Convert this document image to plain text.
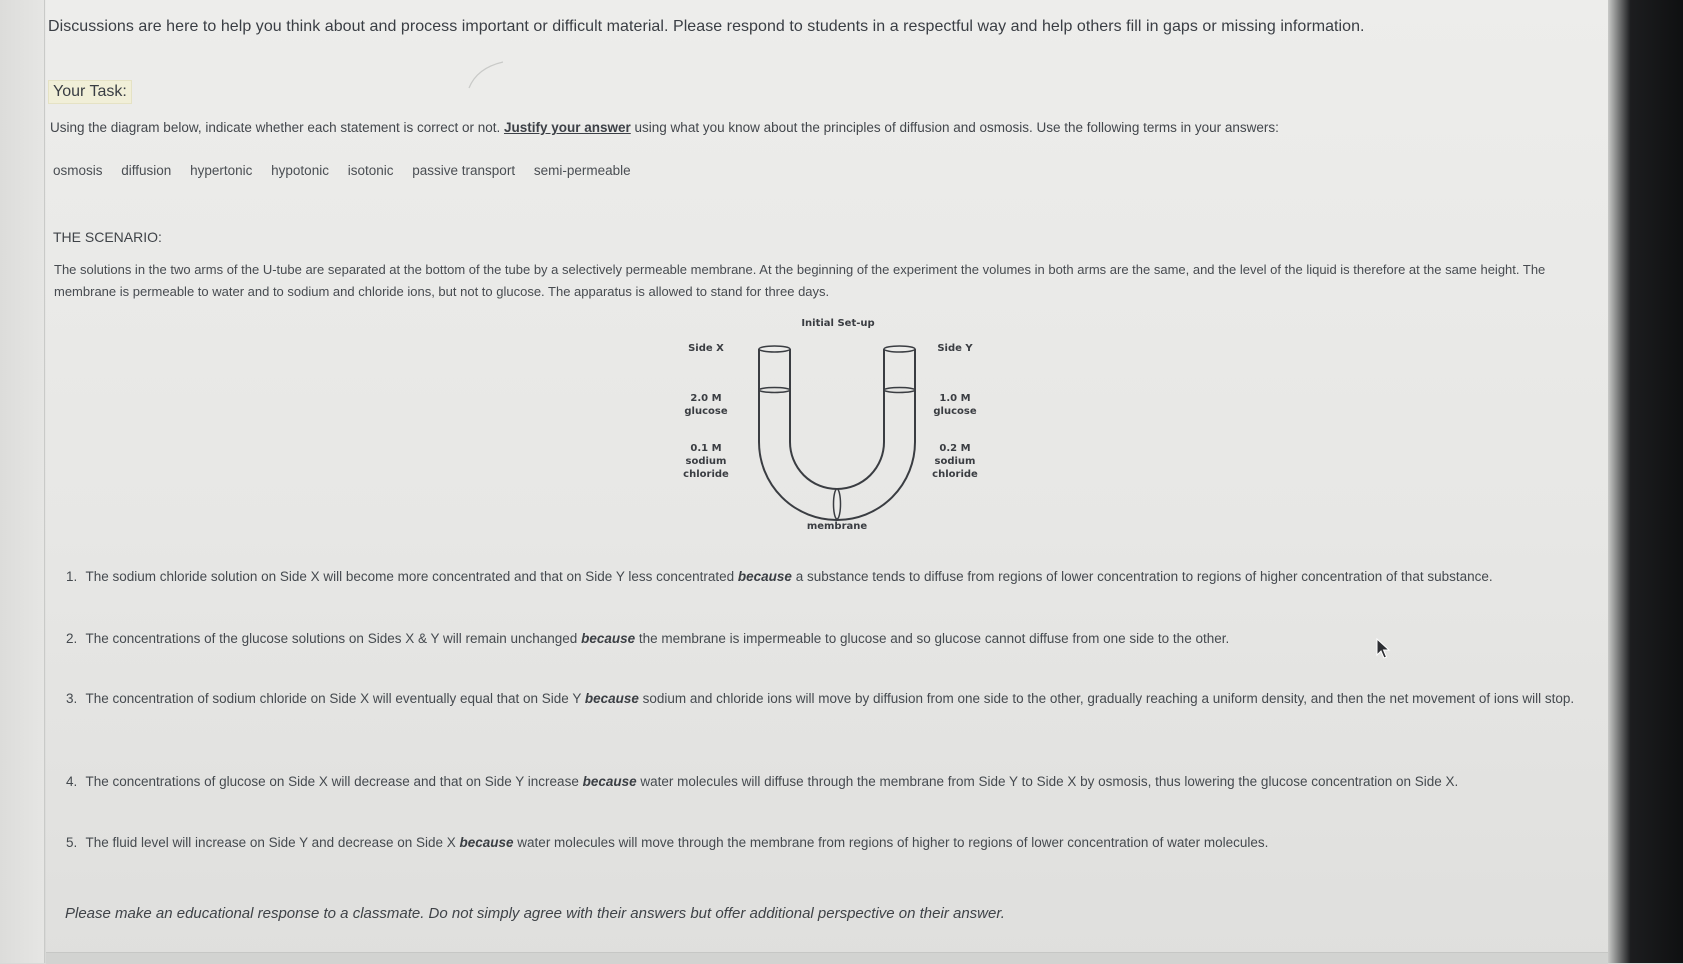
Discussions are here to help you think about and process important or difficult material. Please respond to students in a respectful way and help others fill in gaps or missing information.
Your Task:
Using the diagram below, indicate whether each statement is correct or not. Justify your answer using what you know about the principles of diffusion and osmosis. Use the following terms in your answers:
osmosis diffusion hypertonic hypotonic isotonic passive transport semi-permeable
THE SCENARIO:
The solutions in the two arms of the U-tube are separated at the bottom of the tube by a selectively permeable membrane. At the beginning of the experiment the volumes in both arms are the same, and the level of the liquid is therefore at the same height. The membrane is permeable to water and to sodium and chloride ions, but not to glucose. The apparatus is allowed to stand for three days.
Initial Set-up
Side X
2.0 M
glucose
0.1 M
sodium
chloride
Side Y
1.0 M
glucose
0.2 M
sodium
chloride
membrane
1. The sodium chloride solution on Side X will become more concentrated and that on Side Y less concentrated because a substance tends to diffuse from regions of lower concentration to regions of higher concentration of that substance.
2. The concentrations of the glucose solutions on Sides X & Y will remain unchanged because the membrane is impermeable to glucose and so glucose cannot diffuse from one side to the other.
3. The concentration of sodium chloride on Side X will eventually equal that on Side Y because sodium and chloride ions will move by diffusion from one side to the other, gradually reaching a uniform density, and then the net movement of ions will stop.
4. The concentrations of glucose on Side X will decrease and that on Side Y increase because water molecules will diffuse through the membrane from Side Y to Side X by osmosis, thus lowering the glucose concentration on Side X.
5. The fluid level will increase on Side Y and decrease on Side X because water molecules will move through the membrane from regions of higher to regions of lower concentration of water molecules.
Please make an educational response to a classmate. Do not simply agree with their answers but offer additional perspective on their answer.
